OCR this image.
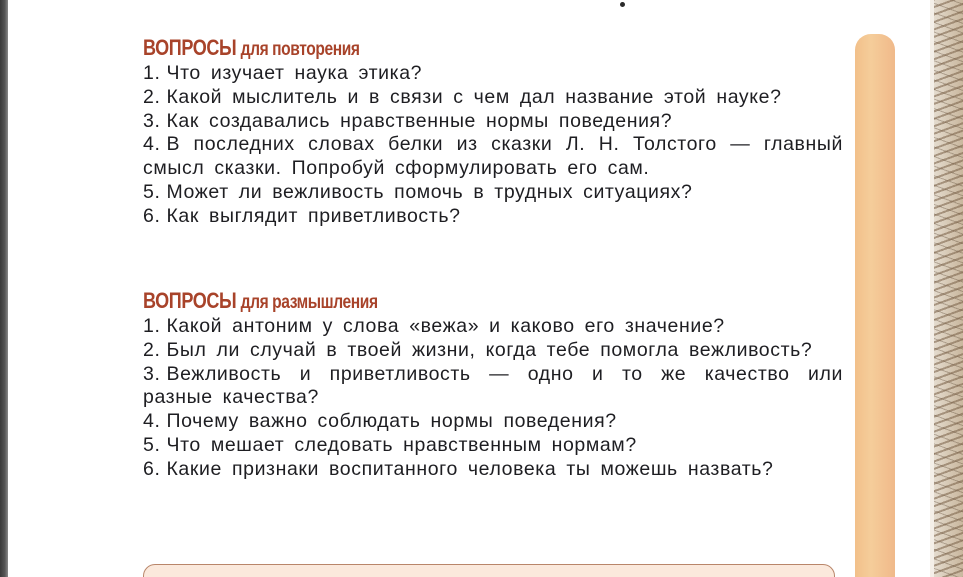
ВОПРОСЫ для повторения
1. Что изучает наука этика?
2. Какой мыслитель и в связи с чем дал название этой науке?
3. Как создавались нравственные нормы поведения?
4. В последних словах белки из сказки Л. Н. Толстого — главный смысл сказки. Попробуй сформулировать его сам.
5. Может ли вежливость помочь в трудных ситуациях?
6. Как выглядит приветливость?
ВОПРОСЫ для размышления
1. Какой антоним у слова «вежа» и каково его значение?
2. Был ли случай в твоей жизни, когда тебе помогла вежливость?
3. Вежливость и приветливость — одно и то же качество или разные качества?
4. Почему важно соблюдать нормы поведения?
5. Что мешает следовать нравственным нормам?
6. Какие признаки воспитанного человека ты можешь назвать?
